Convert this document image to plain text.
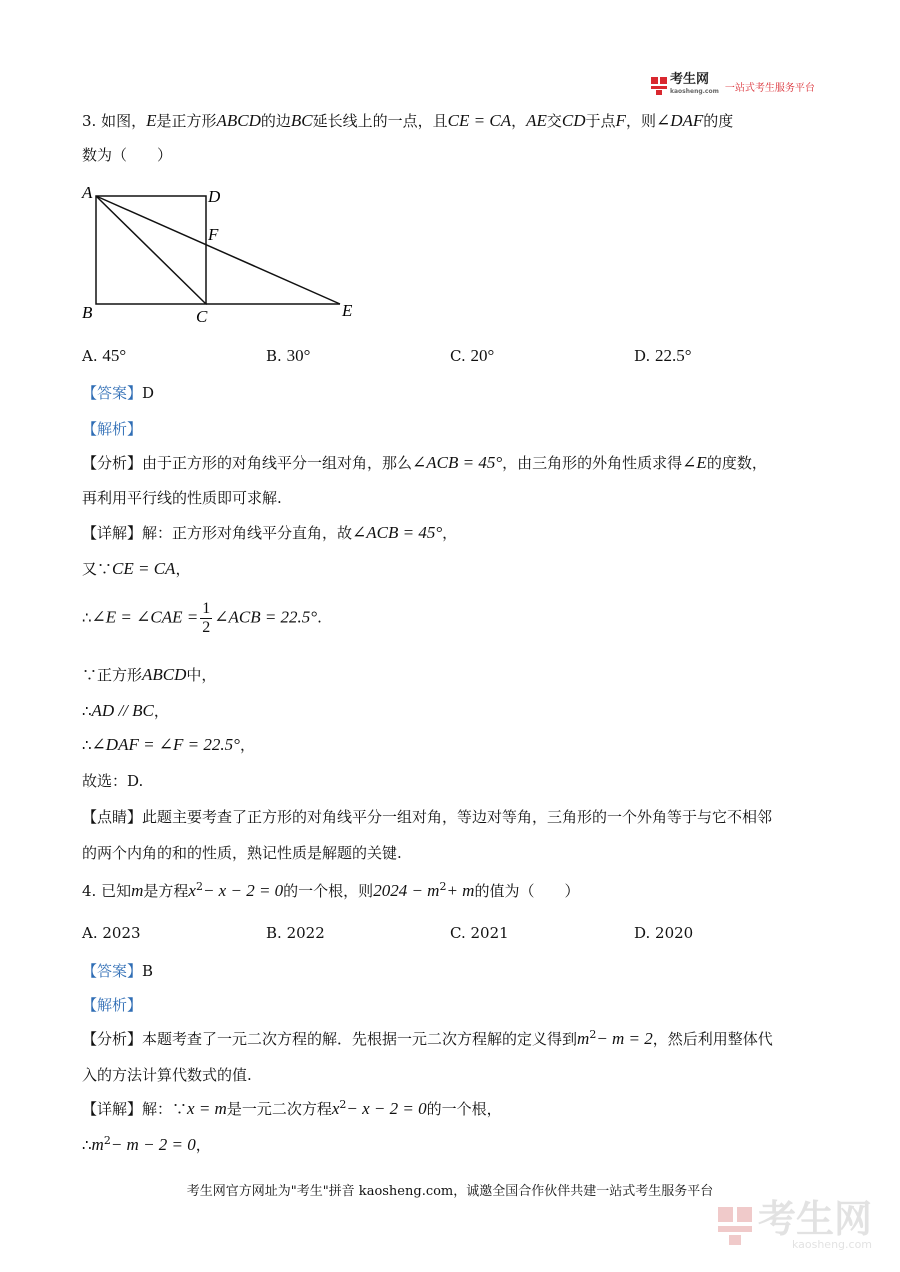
考生网
kaosheng.com 一站式考生服务平台
3. 如图，E是正方形ABCD的边BC延长线上的一点，且CE = CA，AE交CD于点F，则∠DAF的度
数为（　　）
A	D
F
B	C	E
A. 45°	B. 30°	C. 20°	D. 22.5°
【答案】D
【解析】
【分析】由于正方形的对角线平分一组对角，那么∠ACB = 45°，由三角形的外角性质求得∠E的度数，
再利用平行线的性质即可求解.
【详解】解：正方形对角线平分直角，故∠ACB = 45°，
又∵CE = CA，
∴∠E = ∠CAE = $\frac{1}{2}$ ∠ACB = 22.5°.
∵正方形ABCD中，
∴AD // BC，
∴∠DAF = ∠F = 22.5°，
故选：D.
【点睛】此题主要考查了正方形的对角线平分一组对角，等边对等角，三角形的一个外角等于与它不相邻
的两个内角的和的性质，熟记性质是解题的关键.
4. 已知m是方程$x^2- x - 2 = 0$的一个根，则$2024 - m^2+ m$的值为（　　）
A. 2023	B. 2022	C. 2021	D. 2020
【答案】B
【解析】
【分析】本题考查了一元二次方程的解．先根据一元二次方程解的定义得到$m^2- m = 2$，然后利用整体代
入的方法计算代数式的值.
【详解】解：∵x = m是一元二次方程$x^2- x - 2 = 0$的一个根，
$\therefore m^2- m - 2 = 0$，
考生网官方网址为"考生"拼音 kaosheng.com，诚邀全国合作伙伴共建一站式考生服务平台
考生网
kaosheng.com
